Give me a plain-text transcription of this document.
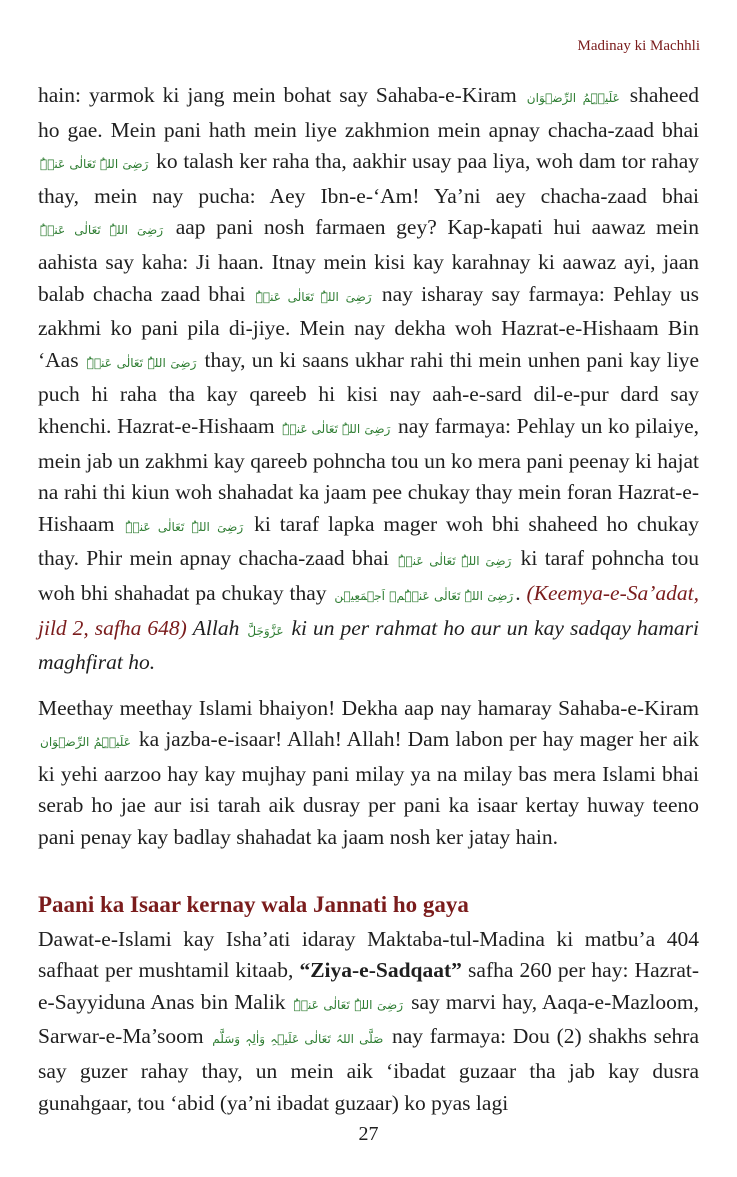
Madinay ki Machhli

hain: yarmok ki jang mein bohat say Sahaba-e-Kiram عَلَیۡہِمُ الرِّضۡوَان shaheed ho gae. Mein pani hath mein liye zakhmion mein apnay chacha-zaad bhai رَضِیَ اللہُ تَعَالٰی عَنۡہُ ko talash ker raha tha, aakhir usay paa liya, woh dam tor rahay thay, mein nay pucha: Aey Ibn-e-‘Am! Ya’ni aey chacha-zaad bhai رَضِیَ اللہُ تَعَالٰی عَنۡہُ aap pani nosh farmaen gey? Kap-kapati hui aawaz mein aahista say kaha: Ji haan. Itnay mein kisi kay karahnay ki aawaz ayi, jaan balab chacha zaad bhai رَضِیَ اللہُ تَعَالٰی عَنۡہُ nay isharay say farmaya: Pehlay us zakhmi ko pani pila di-jiye. Mein nay dekha woh Hazrat-e-Hishaam Bin ‘Aas رَضِیَ اللہُ تَعَالٰی عَنۡہُ thay, un ki saans ukhar rahi thi mein unhen pani kay liye puch hi raha tha kay qareeb hi kisi nay aah-e-sard dil-e-pur dard say khenchi. Hazrat-e-Hishaam رَضِیَ اللہُ تَعَالٰی عَنۡہُ nay farmaya: Pehlay un ko pilaiye, mein jab un zakhmi kay qareeb pohncha tou un ko mera pani peenay ki hajat na rahi thi kiun woh shahadat ka jaam pee chukay thay mein foran Hazrat-e-Hishaam رَضِیَ اللہُ تَعَالٰی عَنۡہُ ki taraf lapka mager woh bhi shaheed ho chukay thay. Phir mein apnay chacha-zaad bhai رَضِیَ اللہُ تَعَالٰی عَنۡہُ ki taraf pohncha tou woh bhi shahadat pa chukay thay رَضِیَ اللہُ تَعَالٰی عَنۡہُمۡ اَجۡمَعِیۡن. (Keemya-e-Sa’adat, jild 2, safha 648) Allah عَزَّوَجَلَّ ki un per rahmat ho aur un kay sadqay hamari maghfirat ho.

Meethay meethay Islami bhaiyon! Dekha aap nay hamaray Sahaba-e-Kiram عَلَیۡہِمُ الرِّضۡوَان ka jazba-e-isaar! Allah! Allah! Dam labon per hay mager her aik ki yehi aarzoo hay kay mujhay pani milay ya na milay bas mera Islami bhai serab ho jae aur isi tarah aik dusray per pani ka isaar kertay huway teeno pani penay kay badlay shahadat ka jaam nosh ker jatay hain.

Paani ka Isaar kernay wala Jannati ho gaya

Dawat-e-Islami kay Isha’ati idaray Maktaba-tul-Madina ki matbu’a 404 safhaat per mushtamil kitaab, “Ziya-e-Sadqaat” safha 260 per hay: Hazrat-e-Sayyiduna Anas bin Malik رَضِیَ اللہُ تَعَالٰی عَنۡہُ say marvi hay, Aaqa-e-Mazloom, Sarwar-e-Ma’soom صَلَّی اللہُ تَعَالٰی عَلَیۡہِ وَاٰلِہٖ وَسَلَّم nay farmaya: Dou (2) shakhs sehra say guzer rahay thay, un mein aik ‘ibadat guzaar tha jab kay dusra gunahgaar, tou ‘abid (ya’ni ibadat guzaar) ko pyas lagi

27
